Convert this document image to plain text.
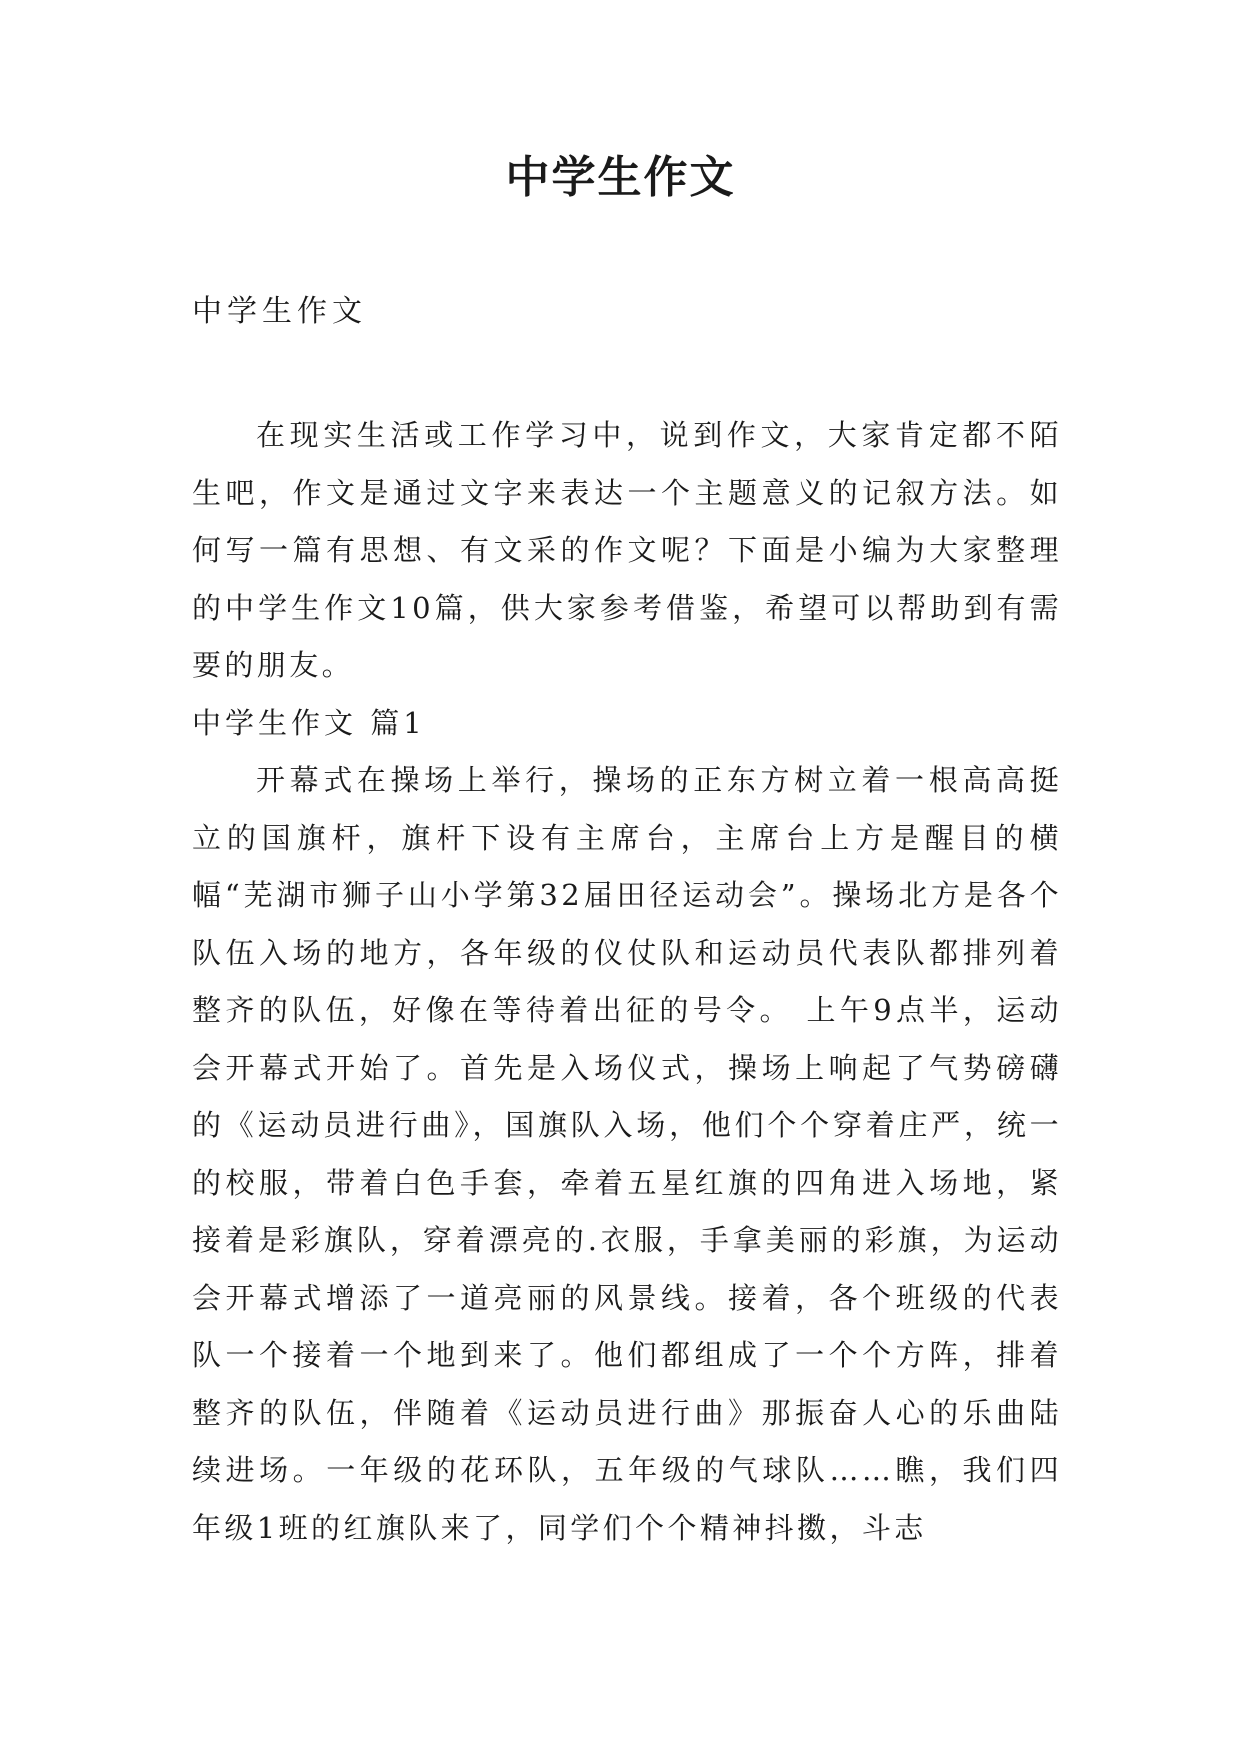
中学生作文

中学生作文

在现实生活或工作学习中，说到作文，大家肯定都不陌生吧，作文是通过文字来表达一个主题意义的记叙方法。如何写一篇有思想、有文采的作文呢？下面是小编为大家整理的中学生作文10篇，供大家参考借鉴，希望可以帮助到有需要的朋友。

中学生作文 篇1

开幕式在操场上举行，操场的正东方树立着一根高高挺立的国旗杆，旗杆下设有主席台，主席台上方是醒目的横幅“芜湖市狮子山小学第32届田径运动会”。操场北方是各个队伍入场的地方，各年级的仪仗队和运动员代表队都排列着整齐的队伍，好像在等待着出征的号令。 上午9点半，运动会开幕式开始了。首先是入场仪式，操场上响起了气势磅礴的《运动员进行曲》，国旗队入场，他们个个穿着庄严，统一的校服，带着白色手套，牵着五星红旗的四角进入场地，紧接着是彩旗队，穿着漂亮的.衣服，手拿美丽的彩旗，为运动会开幕式增添了一道亮丽的风景线。接着，各个班级的代表队一个接着一个地到来了。他们都组成了一个个方阵，排着整齐的队伍，伴随着《运动员进行曲》那振奋人心的乐曲陆续进场。一年级的花环队，五年级的气球队……瞧，我们四年级1班的红旗队来了，同学们个个精神抖擞，斗志
